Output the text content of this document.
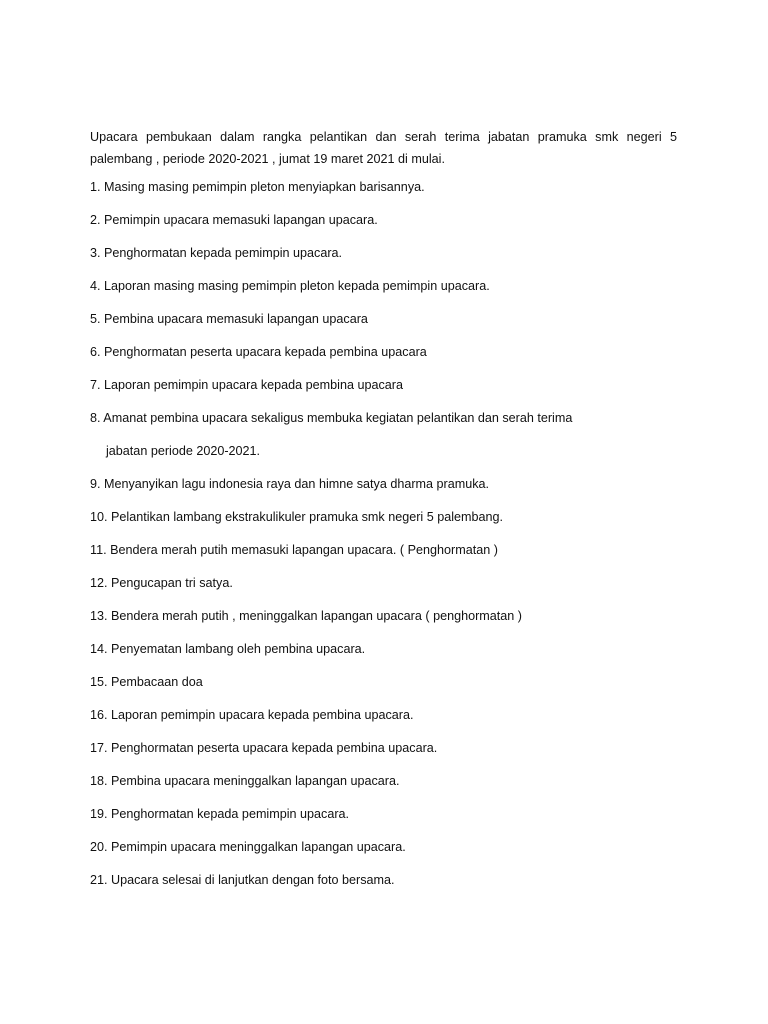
Upacara pembukaan dalam rangka pelantikan dan serah terima jabatan pramuka smk negeri 5 palembang , periode 2020-2021 , jumat 19 maret 2021 di mulai.

1. Masing masing pemimpin pleton menyiapkan barisannya.
2. Pemimpin upacara memasuki lapangan upacara.
3. Penghormatan kepada pemimpin upacara.
4. Laporan masing masing pemimpin pleton kepada pemimpin upacara.
5. Pembina upacara memasuki lapangan upacara
6. Penghormatan peserta upacara kepada pembina upacara
7. Laporan pemimpin upacara kepada pembina upacara
8. Amanat pembina upacara sekaligus membuka kegiatan pelantikan dan serah terima
jabatan periode 2020-2021.
9. Menyanyikan lagu indonesia raya dan himne satya dharma pramuka.
10. Pelantikan lambang ekstrakulikuler pramuka smk negeri 5 palembang.
11. Bendera merah putih memasuki lapangan upacara. ( Penghormatan )
12. Pengucapan tri satya.
13. Bendera merah putih , meninggalkan lapangan upacara ( penghormatan )
14. Penyematan lambang oleh pembina upacara.
15. Pembacaan doa
16. Laporan pemimpin upacara kepada pembina upacara.
17. Penghormatan peserta upacara kepada pembina upacara.
18. Pembina upacara meninggalkan lapangan upacara.
19. Penghormatan kepada pemimpin upacara.
20. Pemimpin upacara meninggalkan lapangan upacara.
21. Upacara selesai di lanjutkan dengan foto bersama.
